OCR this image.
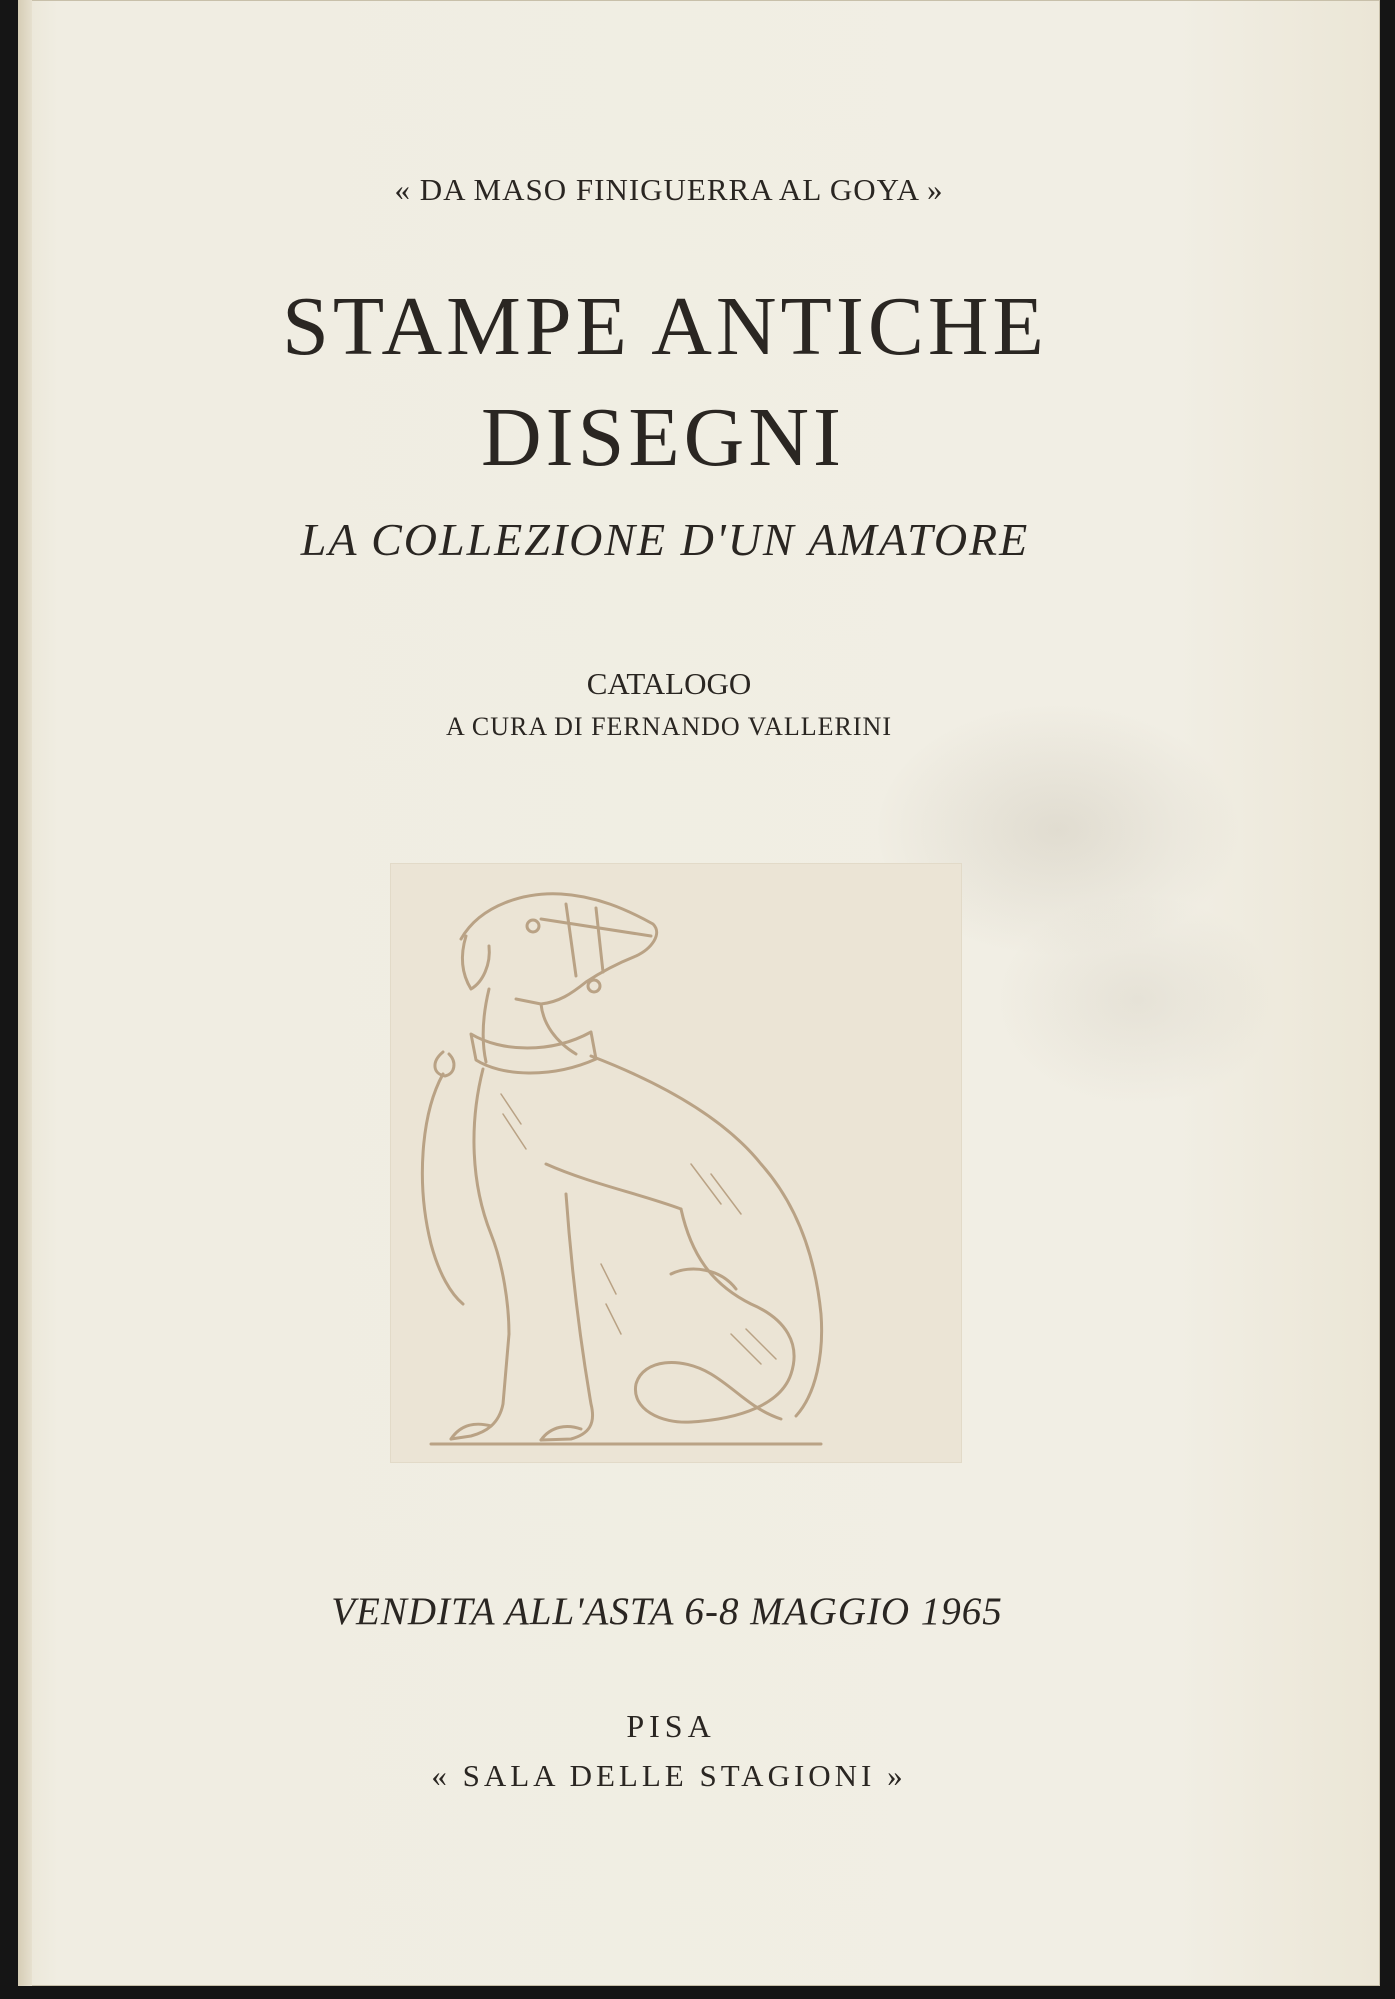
« DA MASO FINIGUERRA AL GOYA »
STAMPE ANTICHE
DISEGNI
LA COLLEZIONE D'UN AMATORE
CATALOGO
A CURA DI FERNANDO VALLERINI
VENDITA ALL'ASTA 6-8 MAGGIO 1965
PISA
« SALA DELLE STAGIONI »
